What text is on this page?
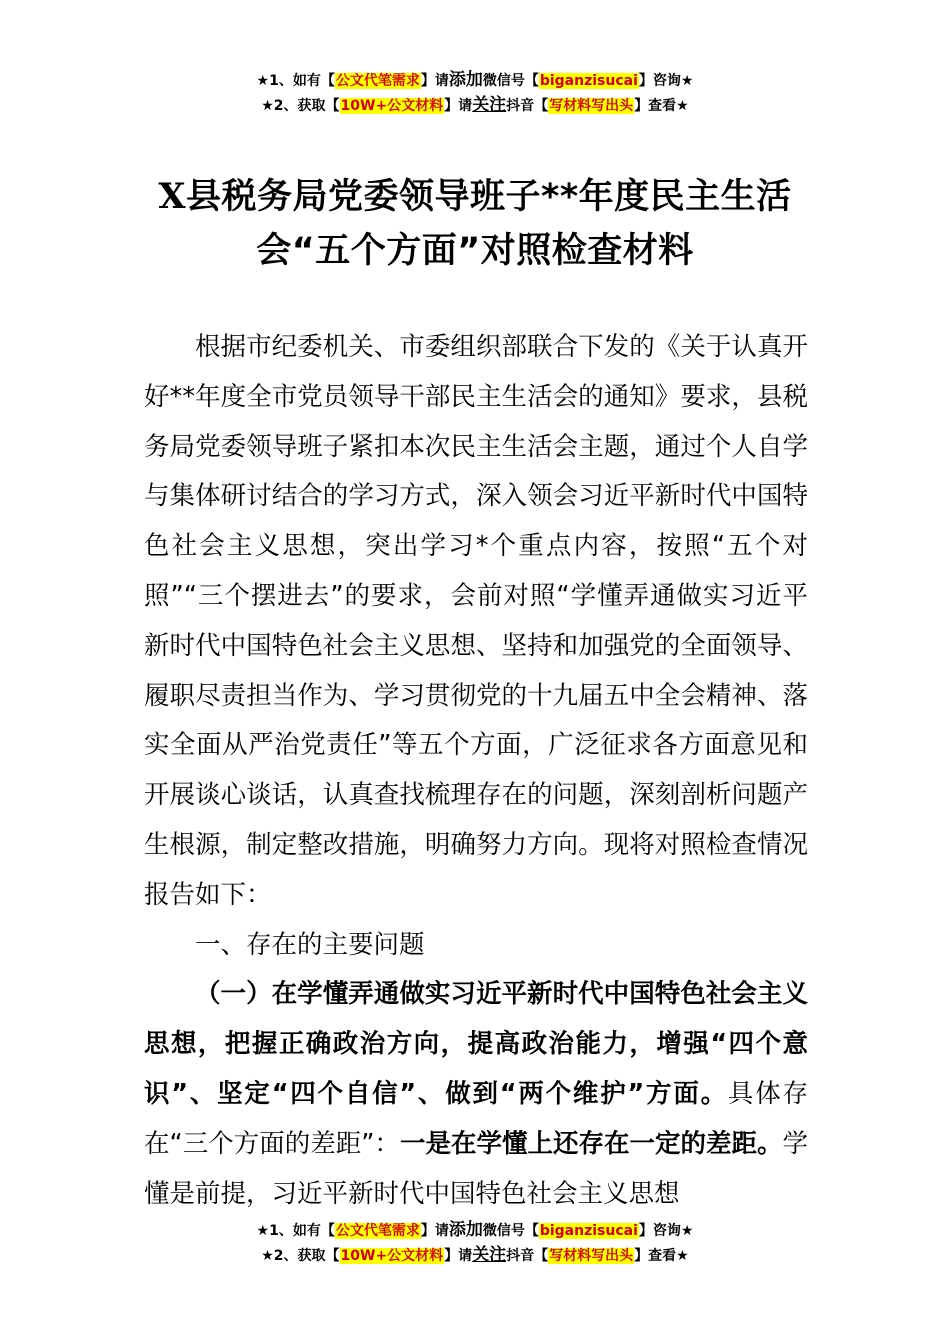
★1、如有【公文代笔需求】请添加微信号【biganzisucai】咨询★
★2、获取【10W+公文材料】请关注抖音【写材料写出头】查看★
X县税务局党委领导班子**年度民主生活
会“五个方面”对照检查材料

根据市纪委机关、市委组织部联合下发的《关于认真开好**年度全市党员领导干部民主生活会的通知》要求，县税务局党委领导班子紧扣本次民主生活会主题，通过个人自学与集体研讨结合的学习方式，深入领会习近平新时代中国特色社会主义思想，突出学习*个重点内容，按照“五个对照”“三个摆进去”的要求，会前对照“学懂弄通做实习近平新时代中国特色社会主义思想、坚持和加强党的全面领导、履职尽责担当作为、学习贯彻党的十九届五中全会精神、落实全面从严治党责任”等五个方面，广泛征求各方面意见和开展谈心谈话，认真查找梳理存在的问题，深刻剖析问题产生根源，制定整改措施，明确努力方向。现将对照检查情况报告如下：

一、存在的主要问题

（一）在学懂弄通做实习近平新时代中国特色社会主义思想，把握正确政治方向，提高政治能力，增强“四个意识”、坚定“四个自信”、做到“两个维护”方面。具体存在“三个方面的差距”：一是在学懂上还存在一定的差距。学懂是前提，习近平新时代中国特色社会主义思想

★1、如有【公文代笔需求】请添加微信号【biganzisucai】咨询★
★2、获取【10W+公文材料】请关注抖音【写材料写出头】查看★
